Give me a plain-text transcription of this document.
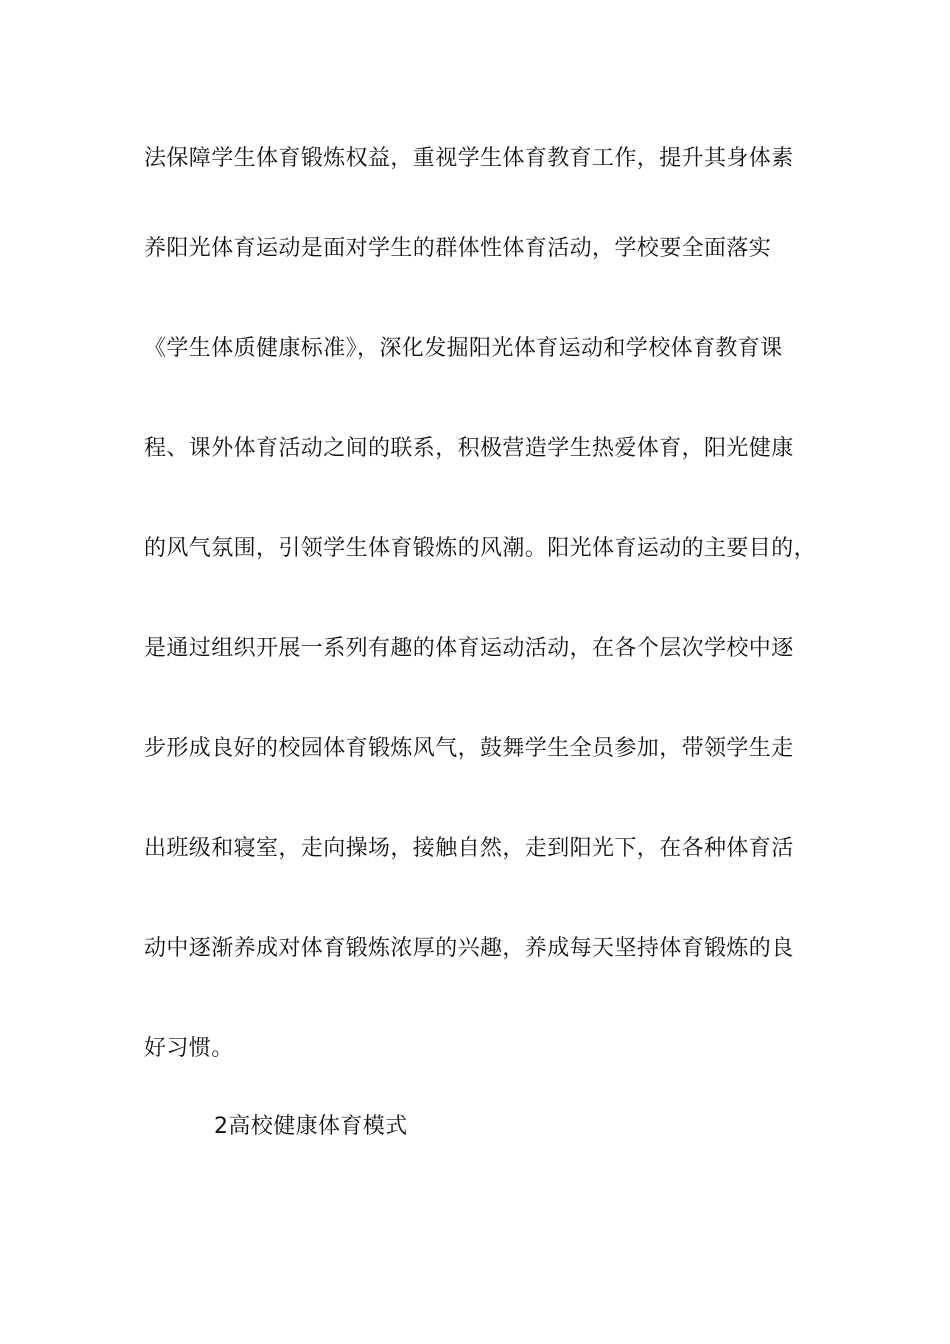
法保障学生体育锻炼权益，重视学生体育教育工作，提升其身体素
养阳光体育运动是面对学生的群体性体育活动，学校要全面落实
《学生体质健康标准》，深化发掘阳光体育运动和学校体育教育课
程、课外体育活动之间的联系，积极营造学生热爱体育，阳光健康
的风气氛围，引领学生体育锻炼的风潮。阳光体育运动的主要目的，
是通过组织开展一系列有趣的体育运动活动，在各个层次学校中逐
步形成良好的校园体育锻炼风气，鼓舞学生全员参加，带领学生走
出班级和寝室，走向操场，接触自然，走到阳光下，在各种体育活
动中逐渐养成对体育锻炼浓厚的兴趣，养成每天坚持体育锻炼的良
好习惯。
2高校健康体育模式
